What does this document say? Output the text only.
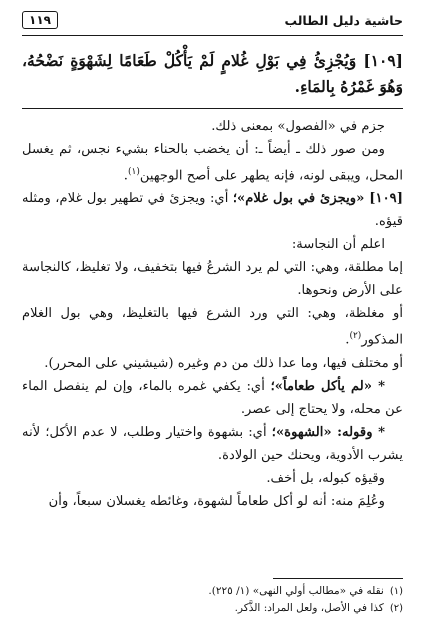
حاشية دليل الطالب
١١٩
[١٠٩] وَيُجْزِئُ فِي بَوْلِ غُلامٍ لَمْ يَأْكُلْ طَعَامًا لِشَهْوَةٍ نَضْحُهُ، وَهُوَ غَمْرُهُ بِالمَاءِ.

جزم في «الفصول» بمعنى ذلك.

ومن صور ذلك ـ أيضاً ـ: أن يخضب بالحناء بشيء نجس، ثم يغسل المحل، ويبقى لونه، فإنه يطهر على أصح الوجهين$^{(١)}$.

[١٠٩] «ويجزئ في بول غلام»؛ أي: ويجزئ في تطهير بول غلام، ومثله قيؤه.

اعلم أن النجاسة:

إما مطلقة، وهي: التي لم يرد الشرعُ فيها بتخفيف، ولا تغليظ، كالنجاسة على الأرض ونحوها.

أو مغلظة، وهي: التي ورد الشرع فيها بالتغليظ، وهي بول الغلام المذكور$^{(٢)}$.

أو مختلف فيها، وما عدا ذلك من دم وغيره (شيشيني على المحرر).

* «لم يأكل طعاماً»؛ أي: يكفي غمره بالماء، وإن لم ينفصل الماء عن محله، ولا يحتاج إلى عصر.

* وقوله: «الشهوة»؛ أي: بشهوة واختيار وطلب، لا عدم الأكل؛ لأنه يشرب الأدوية، ويحنك حين الولادة.

وقيؤه كبوله، بل أخف.

وعُلِمَ منه: أنه لو أكل طعاماً لشهوة، وغائطه يغسلان سبعاً، وأن

(١)
نقله في «مطالب أولي النهى» (١/ ٢٢٥).
(٢)
كذا في الأصل، ولعل المراد: الذَّكر.
